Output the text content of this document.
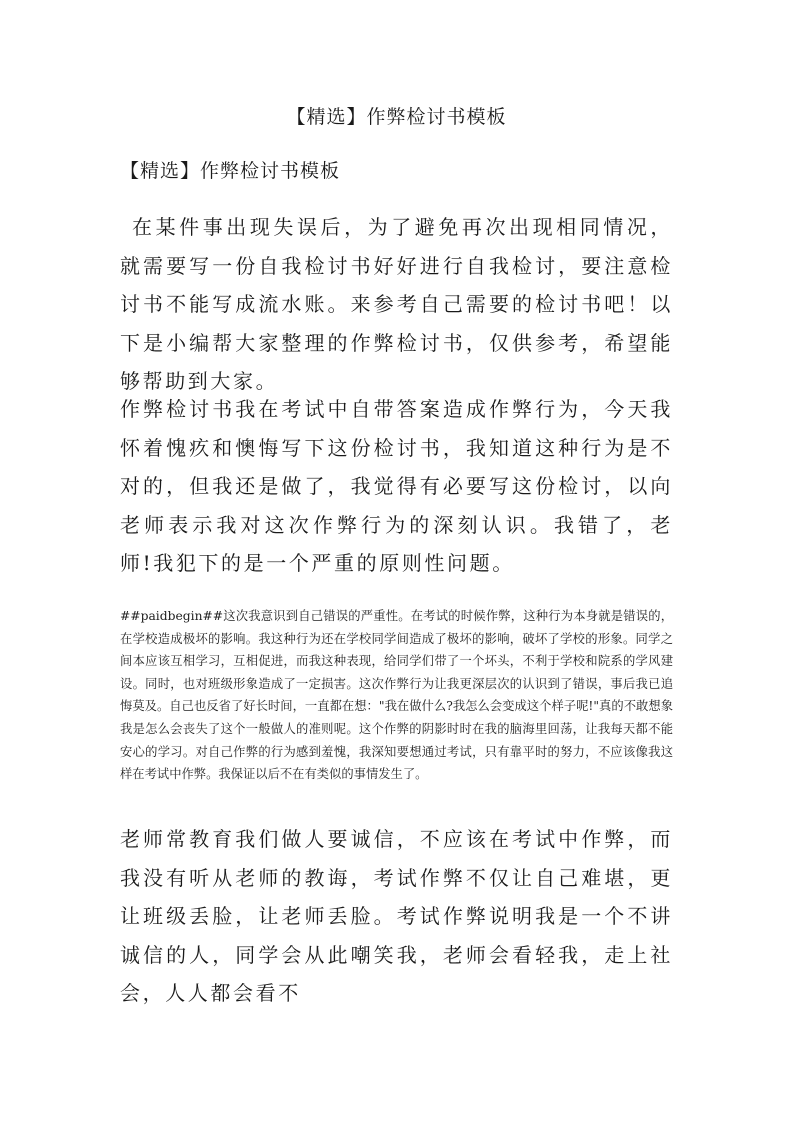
【精选】作弊检讨书模板
【精选】作弊检讨书模板

在某件事出现失误后，为了避免再次出现相同情况，就需要写一份自我检讨书好好进行自我检讨，要注意检讨书不能写成流水账。来参考自己需要的检讨书吧！以下是小编帮大家整理的作弊检讨书，仅供参考，希望能够帮助到大家。

作弊检讨书我在考试中自带答案造成作弊行为，今天我怀着愧疚和懊悔写下这份检讨书，我知道这种行为是不对的，但我还是做了，我觉得有必要写这份检讨，以向老师表示我对这次作弊行为的深刻认识。我错了，老师!我犯下的是一个严重的原则性问题。

##paidbegin##这次我意识到自己错误的严重性。在考试的时候作弊，这种行为本身就是错误的，在学校造成极坏的影响。我这种行为还在学校同学间造成了极坏的影响，破坏了学校的形象。同学之间本应该互相学习，互相促进，而我这种表现，给同学们带了一个坏头，不利于学校和院系的学风建设。同时，也对班级形象造成了一定损害。这次作弊行为让我更深层次的认识到了错误，事后我已追悔莫及。自己也反省了好长时间，一直都在想："我在做什么?我怎么会变成这个样子呢!"真的不敢想象我是怎么会丧失了这个一般做人的准则呢。这个作弊的阴影时时在我的脑海里回荡，让我每天都不能安心的学习。对自己作弊的行为感到羞愧，我深知要想通过考试，只有靠平时的努力，不应该像我这样在考试中作弊。我保证以后不在有类似的事情发生了。

老师常教育我们做人要诚信，不应该在考试中作弊，而我没有听从老师的教诲，考试作弊不仅让自己难堪，更让班级丢脸，让老师丢脸。考试作弊说明我是一个不讲诚信的人，同学会从此嘲笑我，老师会看轻我，走上社会，人人都会看不
